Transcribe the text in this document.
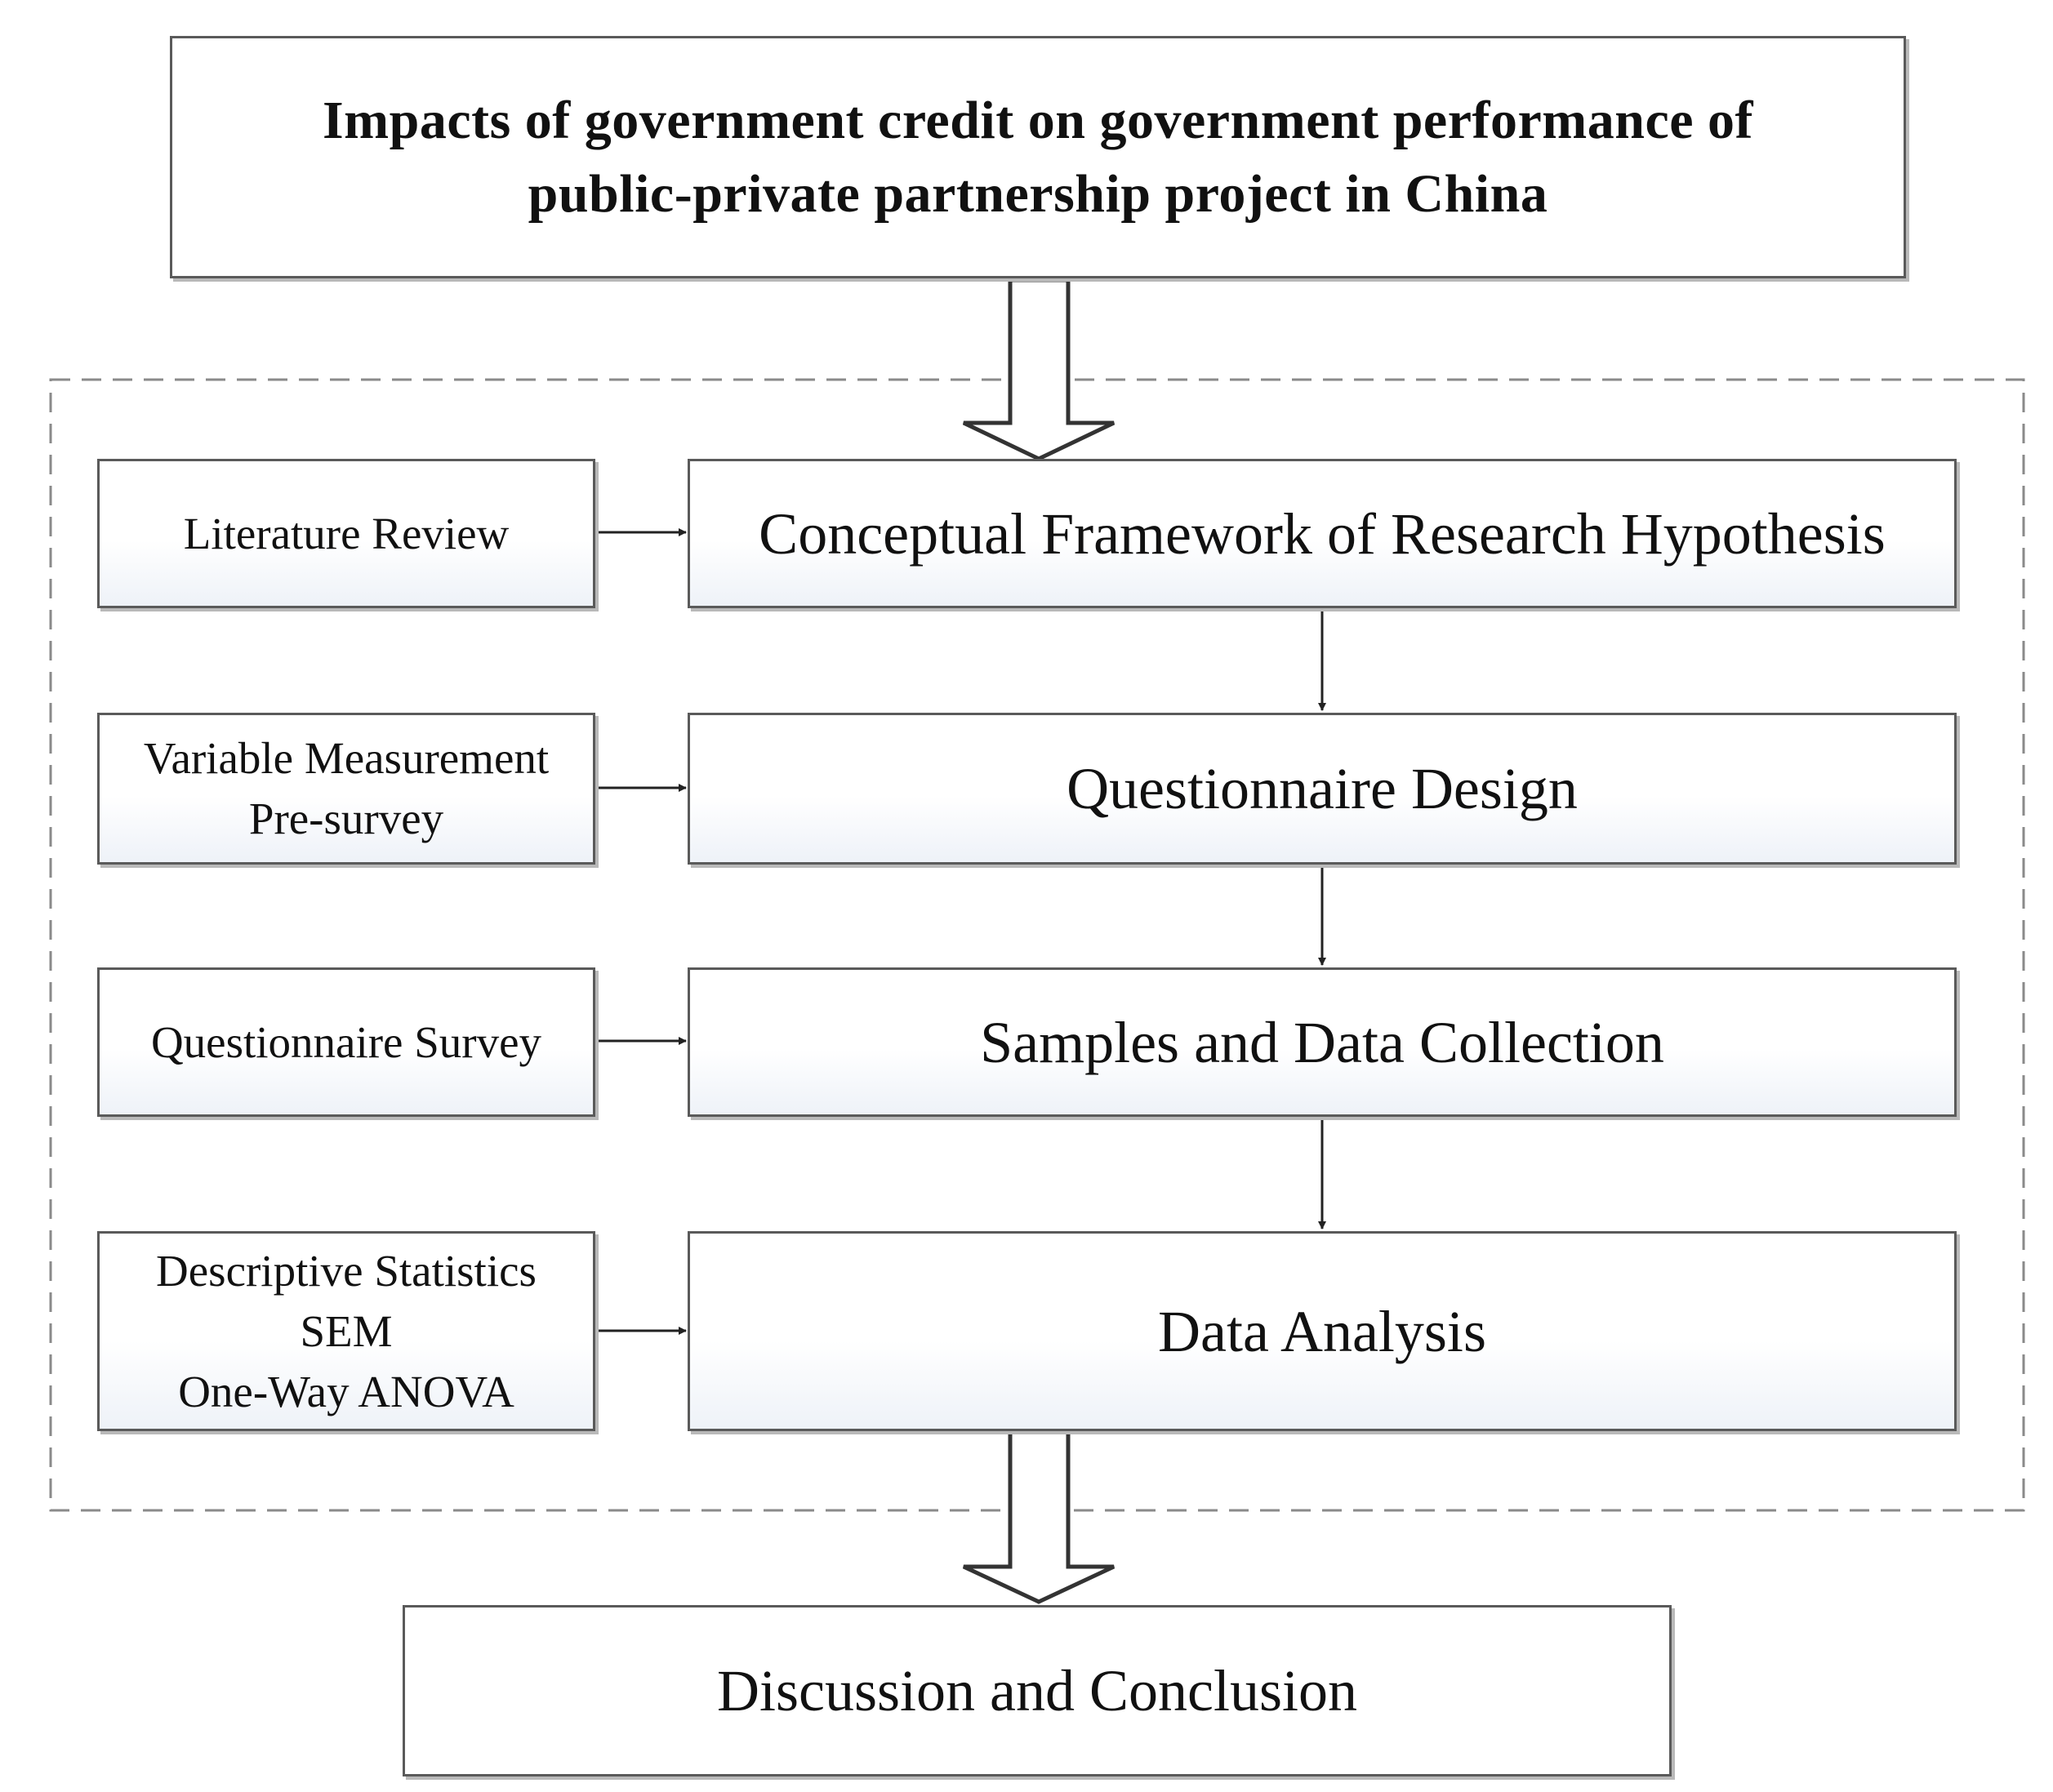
Impacts of government credit on government performance of
public-private partnership project in China
Conceptual Framework of Research Hypothesis
Questionnaire Design
Samples and Data Collection
Data Analysis
Literature Review
Variable Measurement
Pre-survey
Questionnaire Survey
Descriptive Statistics
SEM
One-Way ANOVA
Discussion and Conclusion
